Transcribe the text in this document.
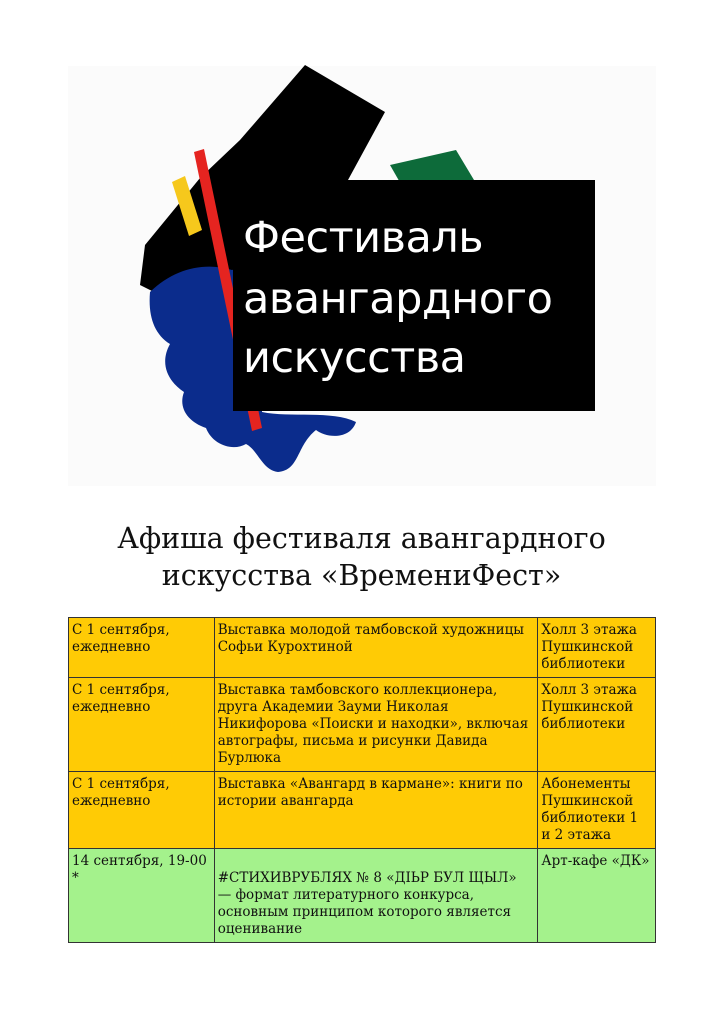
Фестиваль
авангардного
искусства
Афиша фестиваля авангардного
искусства «ВремениФест»
С 1 сентября, ежедневно	Выставка молодой тамбовской художницы Софьи Курохтиной	Холл 3 этажа Пушкинской библиотеки
С 1 сентября, ежедневно	Выставка тамбовского коллекционера, друга Академии Зауми Николая Никифорова «Поиски и находки», включая автографы, письма и рисунки Давида Бурлюка	Холл 3 этажа Пушкинской библиотеки
С 1 сентября, ежедневно	Выставка «Авангард в кармане»: книги по истории авангарда	Абонементы Пушкинской библиотеки 1 и 2 этажа
14 сентября, 19-00 *	#СТИХИВРУБЛЯХ № 8 «ДIЬР БУЛ ЩЫЛ» — формат литературного конкурса, основным принципом которого является оценивание	Арт-кафе «ДК»
